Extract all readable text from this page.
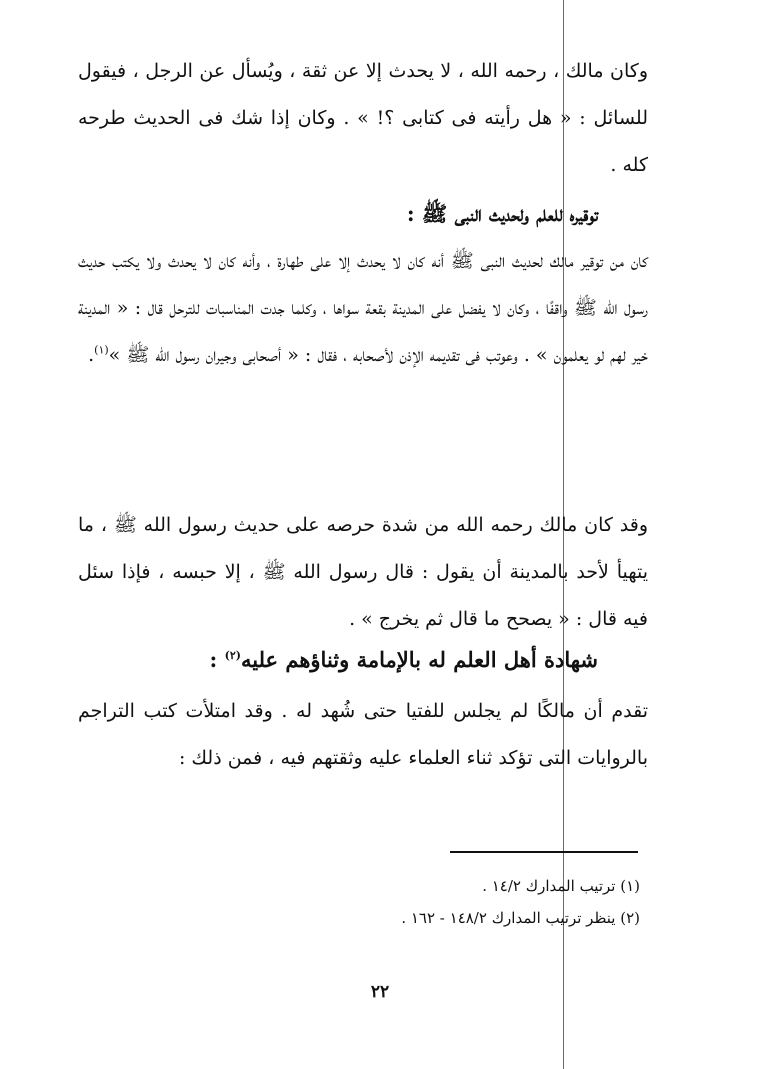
وكان مالك ، رحمه الله ، لا يحدث إلا عن ثقة ، ويُسأل عن الرجل ، فيقول للسائل : « هل رأيته فى كتابى ؟! » . وكان إذا شك فى الحديث طرحه كله .

توقيره للعلم ولحديث النبى ﷺ :

كان من توقير مالك لحديث النبى ﷺ أنه كان لا يحدث إلا على طهارة ، وأنه كان لا يحدث ولا يكتب حديث رسول الله ﷺ واقفًا ، وكان لا يفضل على المدينة بقعة سواها ، وكلما جدت المناسبات للترحل قال : « المدينة خير لهم لو يعلمون » . وعوتب فى تقديمه الإذن لأصحابه ، فقال : « أصحابى وجيران رسول الله ﷺ »$^{(١)}$.

وقد كان مالك رحمه الله من شدة حرصه على حديث رسول الله ﷺ ، ما يتهيأ لأحد بالمدينة أن يقول : قال رسول الله ﷺ ، إلا حبسه ، فإذا سئل فيه قال : « يصحح ما قال ثم يخرج » .

شهادة أهل العلم له بالإمامة وثناؤهم عليه$^{(٢)}$ :

تقدم أن مالكًا لم يجلس للفتيا حتى شُهد له . وقد امتلأت كتب التراجم بالروايات التى تؤكد ثناء العلماء عليه وثقتهم فيه ، فمن ذلك :

(١) ترتيب المدارك ١٤/٢ .
(٢) ينظر ترتيب المدارك ١٤٨/٢ - ١٦٢ .
٢٢
